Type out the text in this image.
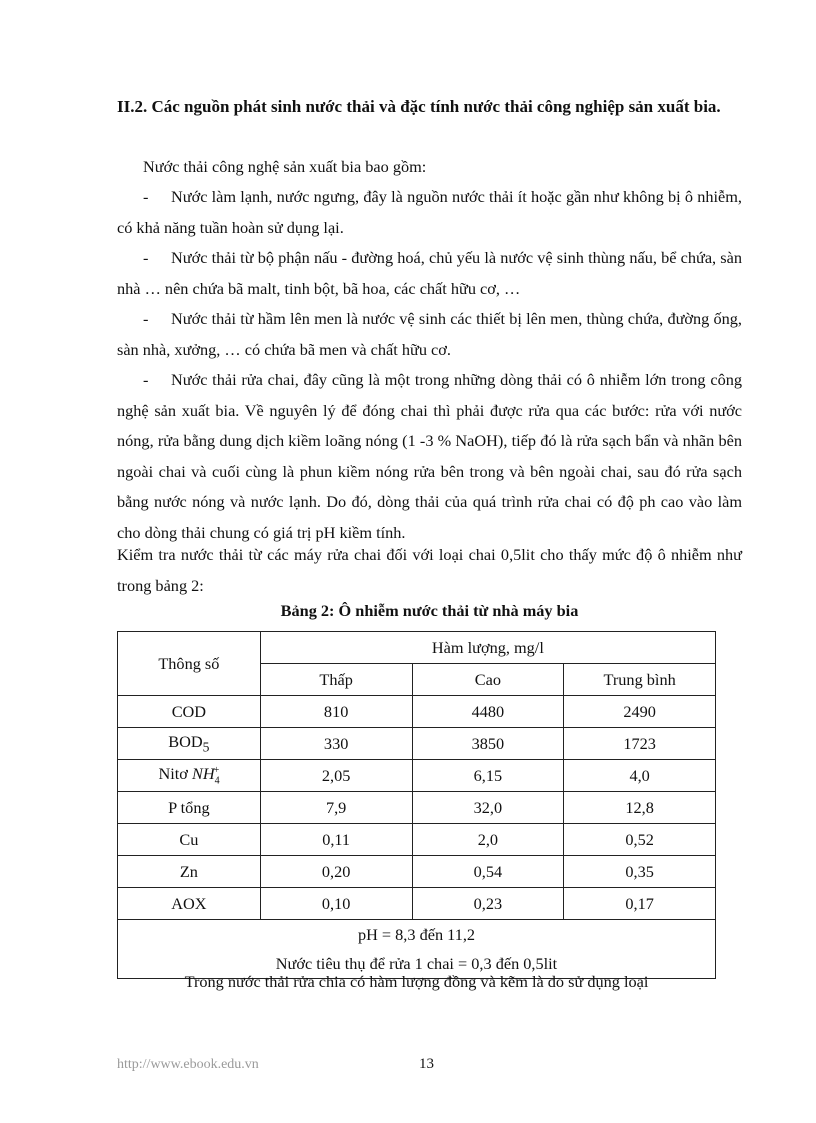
II.2. Các nguồn phát sinh nước thải và đặc tính nước thải công nghiệp sản xuất bia.
Nước thải công nghệ sản xuất bia bao gồm:
- Nước làm lạnh, nước ngưng, đây là nguồn nước thải ít hoặc gần như không bị ô nhiễm, có khả năng tuần hoàn sử dụng lại.
- Nước thải từ bộ phận nấu - đường hoá, chủ yếu là nước vệ sinh thùng nấu, bể chứa, sàn nhà … nên chứa bã malt, tinh bột, bã hoa, các chất hữu cơ, …
- Nước thải từ hầm lên men là nước vệ sinh các thiết bị lên men, thùng chứa, đường ống, sàn nhà, xưởng, … có chứa bã men và chất hữu cơ.
- Nước thải rửa chai, đây cũng là một trong những dòng thải có ô nhiễm lớn trong công nghệ sản xuất bia. Về nguyên lý để đóng chai thì phải được rửa qua các bước: rửa với nước nóng, rửa bằng dung dịch kiềm loãng nóng (1 -3 % NaOH), tiếp đó là rửa sạch bẩn và nhãn bên ngoài chai và cuối cùng là phun kiềm nóng rửa bên trong và bên ngoài chai, sau đó rửa sạch bằng nước nóng và nước lạnh. Do đó, dòng thải của quá trình rửa chai có độ ph cao vào làm cho dòng thải chung có giá trị pH kiềm tính.
Kiểm tra nước thải từ các máy rửa chai đối với loại chai 0,5lit cho thấy mức độ ô nhiễm như trong bảng 2:
Bảng 2: Ô nhiễm nước thải từ nhà máy bia
Thông số	Hàm lượng, mg/l		
	Thấp	Cao	Trung bình
COD	810	4480	2490
$BOD_5$	330	3850	1723
Nitơ $NH_4^+$	2,05	6,15	4,0
P tổng	7,9	32,0	12,8
Cu	0,11	2,0	0,52
Zn	0,20	0,54	0,35
AOX	0,10	0,23	0,17

pH = 8,3 đến 11,2
Nước tiêu thụ để rửa 1 chai = 0,3 đến 0,5lit			
Trong nước thải rửa chia có hàm lượng đồng và kẽm là do sử dụng loại
http://www.ebook.edu.vn	13
